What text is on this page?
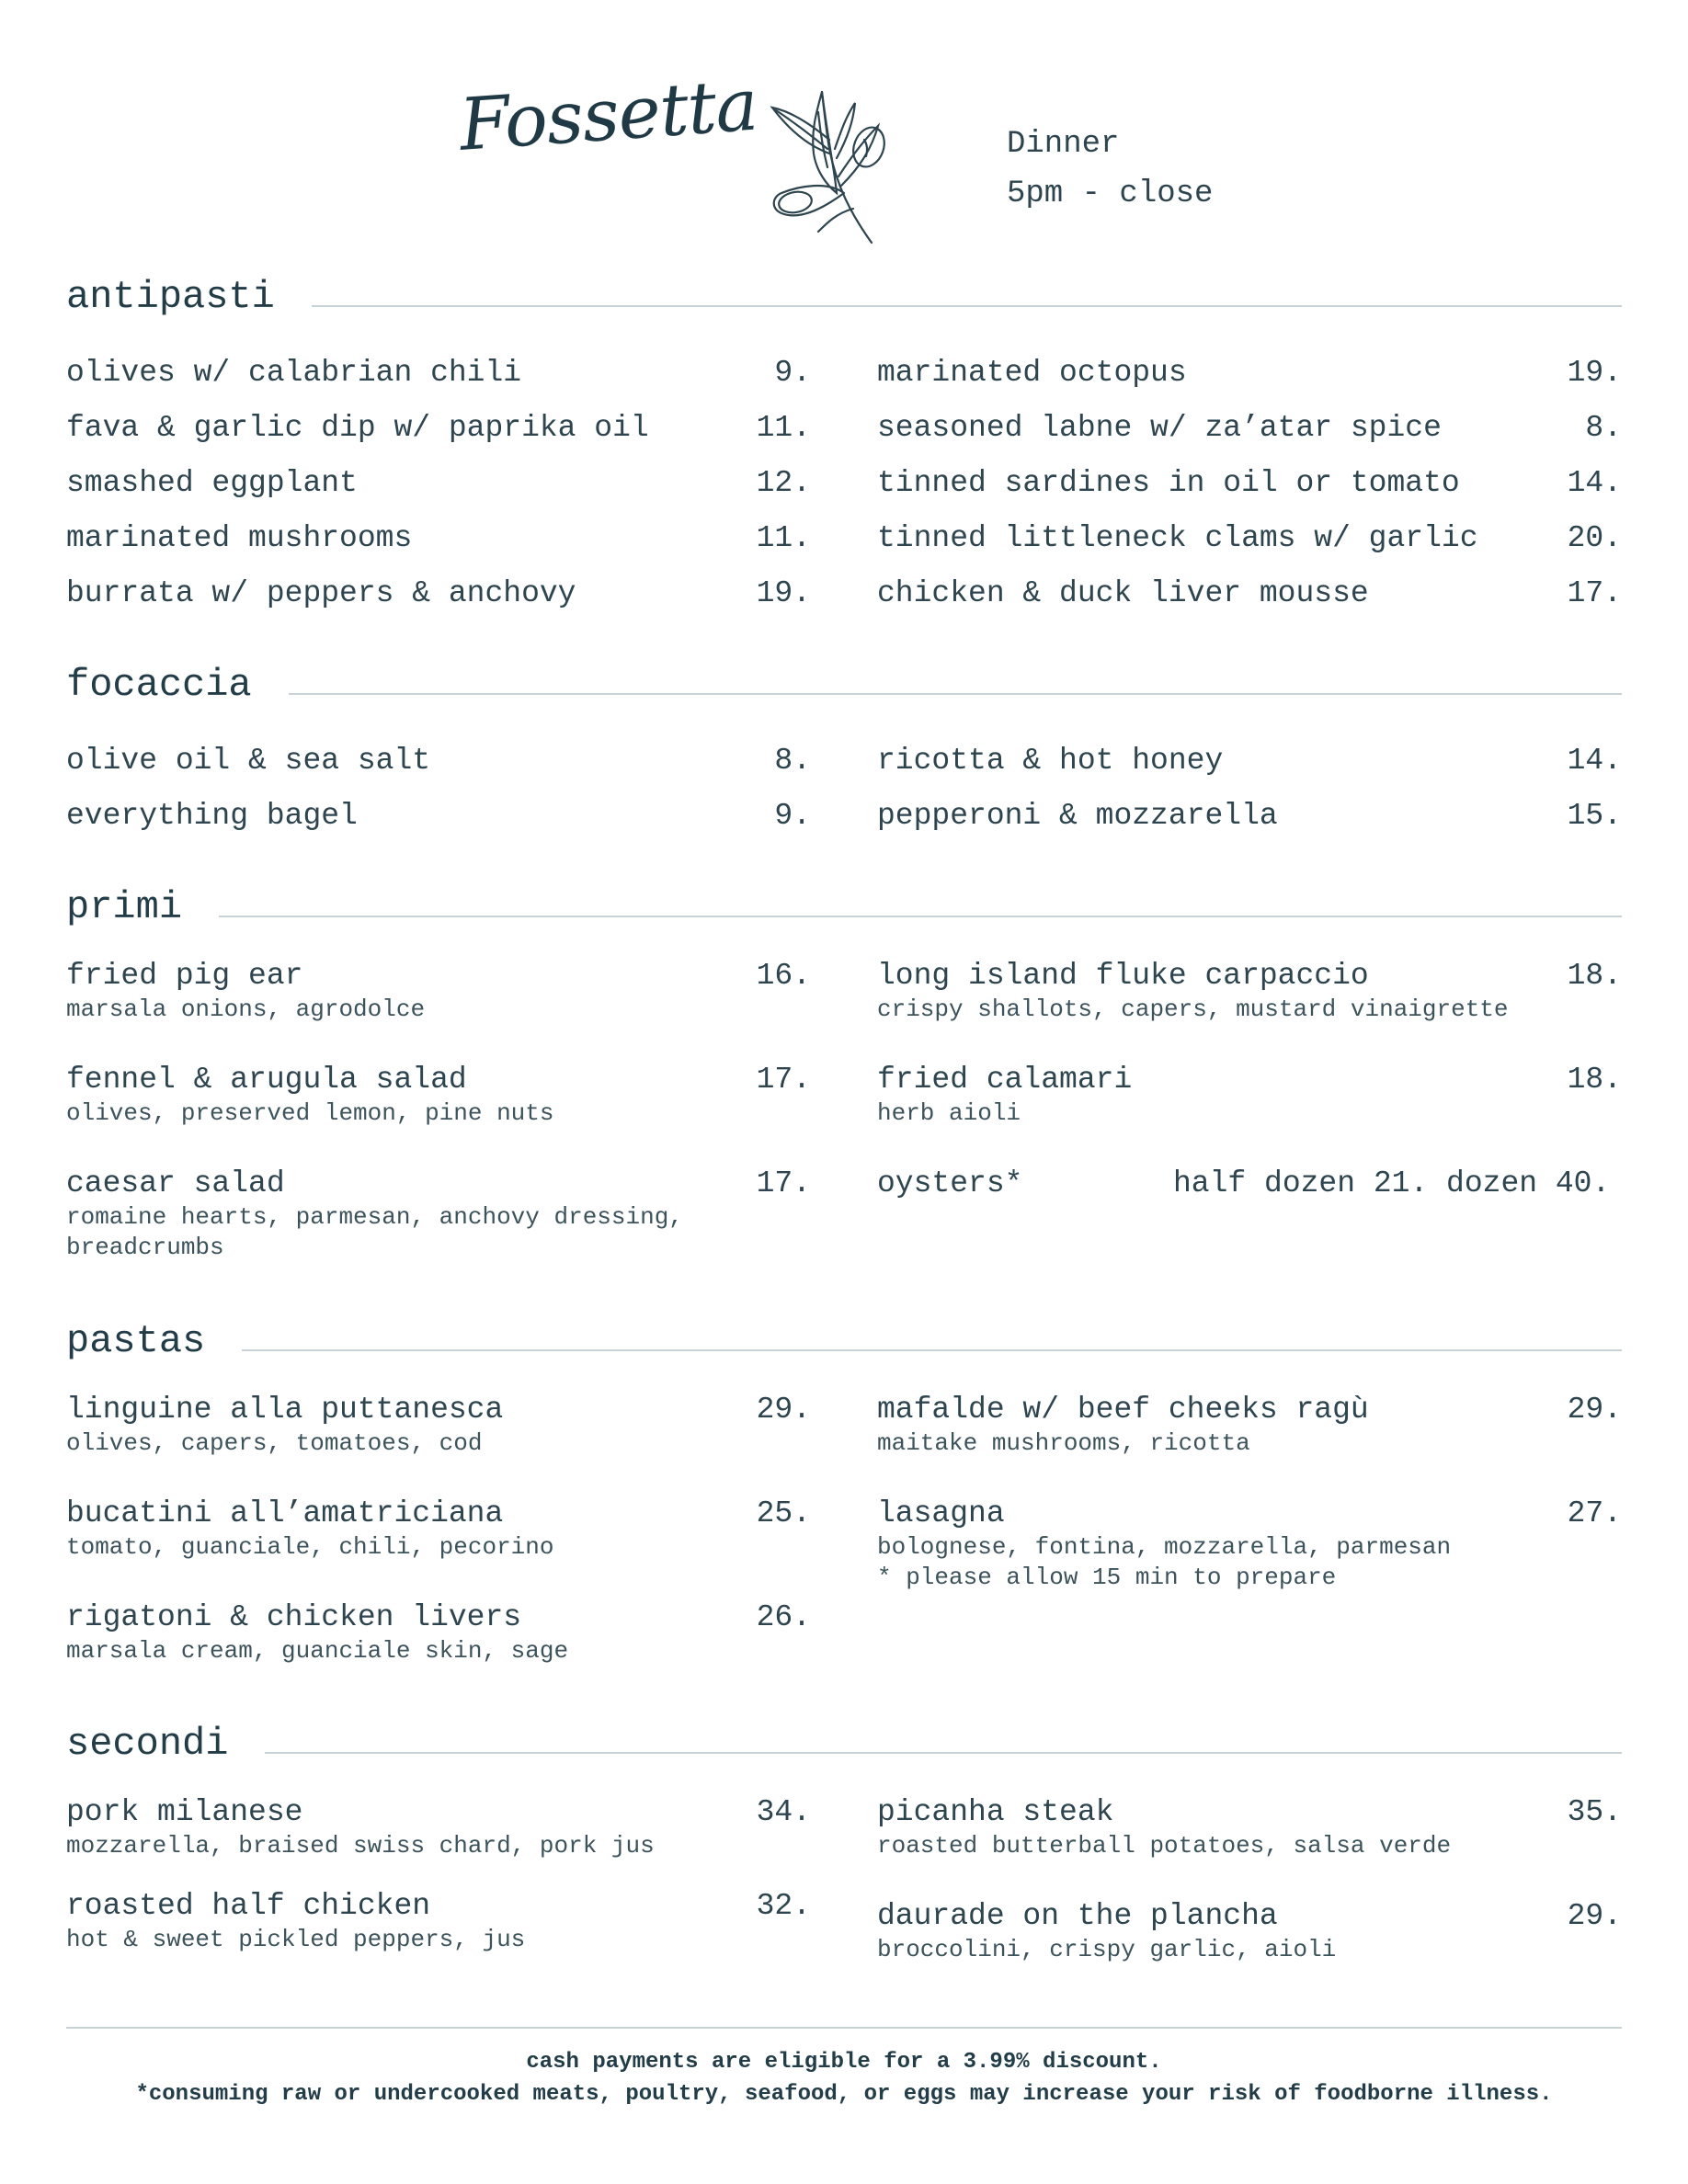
Fossetta	Dinner
5pm - close
antipasti
olives w/ calabrian chili	9.
fava & garlic dip w/ paprika oil	11.
smashed eggplant	12.
marinated mushrooms	11.
burrata w/ peppers & anchovy	19.
marinated octopus	19.
seasoned labne w/ za’atar spice	8.
tinned sardines in oil or tomato	14.
tinned littleneck clams w/ garlic	20.
chicken & duck liver mousse	17.
focaccia
olive oil & sea salt	8.
everything bagel	9.
ricotta & hot honey	14.
pepperoni & mozzarella	15.
primi
fried pig ear	16.
marsala onions, agrodolce
fennel & arugula salad	17.
olives, preserved lemon, pine nuts
caesar salad	17.
romaine hearts, parmesan, anchovy dressing,
breadcrumbs
long island fluke carpaccio	18.
crispy shallots, capers, mustard vinaigrette
fried calamari	18.
herb aioli
oysters*	half dozen 21. dozen 40.
pastas
linguine alla puttanesca	29.
olives, capers, tomatoes, cod
bucatini all’amatriciana	25.
tomato, guanciale, chili, pecorino
rigatoni & chicken livers	26.
marsala cream, guanciale skin, sage
mafalde w/ beef cheeks ragù	29.
maitake mushrooms, ricotta
lasagna	27.
bolognese, fontina, mozzarella, parmesan
* please allow 15 min to prepare
secondi
pork milanese	34.
mozzarella, braised swiss chard, pork jus
roasted half chicken	32.
hot & sweet pickled peppers, jus
picanha steak	35.
roasted butterball potatoes, salsa verde
daurade on the plancha	29.
broccolini, crispy garlic, aioli
cash payments are eligible for a 3.99% discount.
*consuming raw or undercooked meats, poultry, seafood, or eggs may increase your risk of foodborne illness.
